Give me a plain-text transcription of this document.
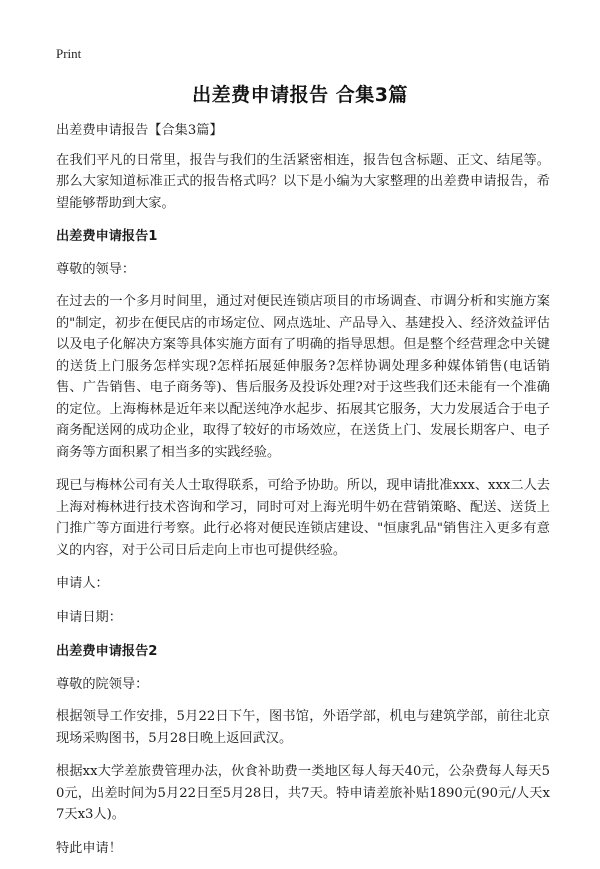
Print
出差费申请报告 合集3篇
出差费申请报告【合集3篇】
在我们平凡的日常里，报告与我们的生活紧密相连，报告包含标题、正文、结尾等。那么大家知道标准正式的报告格式吗？以下是小编为大家整理的出差费申请报告，希望能够帮助到大家。
出差费申请报告1
尊敬的领导：
在过去的一个多月时间里，通过对便民连锁店项目的市场调查、市调分析和实施方案的"制定，初步在便民店的市场定位、网点选址、产品导入、基建投入、经济效益评估以及电子化解决方案等具体实施方面有了明确的指导思想。但是整个经营理念中关键的送货上门服务怎样实现?怎样拓展延伸服务?怎样协调处理多种媒体销售(电话销售、广告销售、电子商务等)、售后服务及投诉处理?对于这些我们还未能有一个准确的定位。上海梅林是近年来以配送纯净水起步、拓展其它服务，大力发展适合于电子商务配送网的成功企业，取得了较好的市场效应，在送货上门、发展长期客户、电子商务等方面积累了相当多的实践经验。
现已与梅林公司有关人士取得联系，可给予协助。所以，现申请批准xxx、xxx二人去上海对梅林进行技术咨询和学习，同时可对上海光明牛奶在营销策略、配送、送货上门推广等方面进行考察。此行必将对便民连锁店建设、"恒康乳品"销售注入更多有意义的内容，对于公司日后走向上市也可提供经验。
申请人：
申请日期：
出差费申请报告2
尊敬的院领导：
根据领导工作安排，5月22日下午，图书馆，外语学部，机电与建筑学部，前往北京现场采购图书，5月28日晚上返回武汉。
根据xx大学差旅费管理办法，伙食补助费一类地区每人每天40元，公杂费每人每天50元，出差时间为5月22日至5月28日，共7天。特申请差旅补贴1890元(90元/人天x7天x3人)。
特此申请！
